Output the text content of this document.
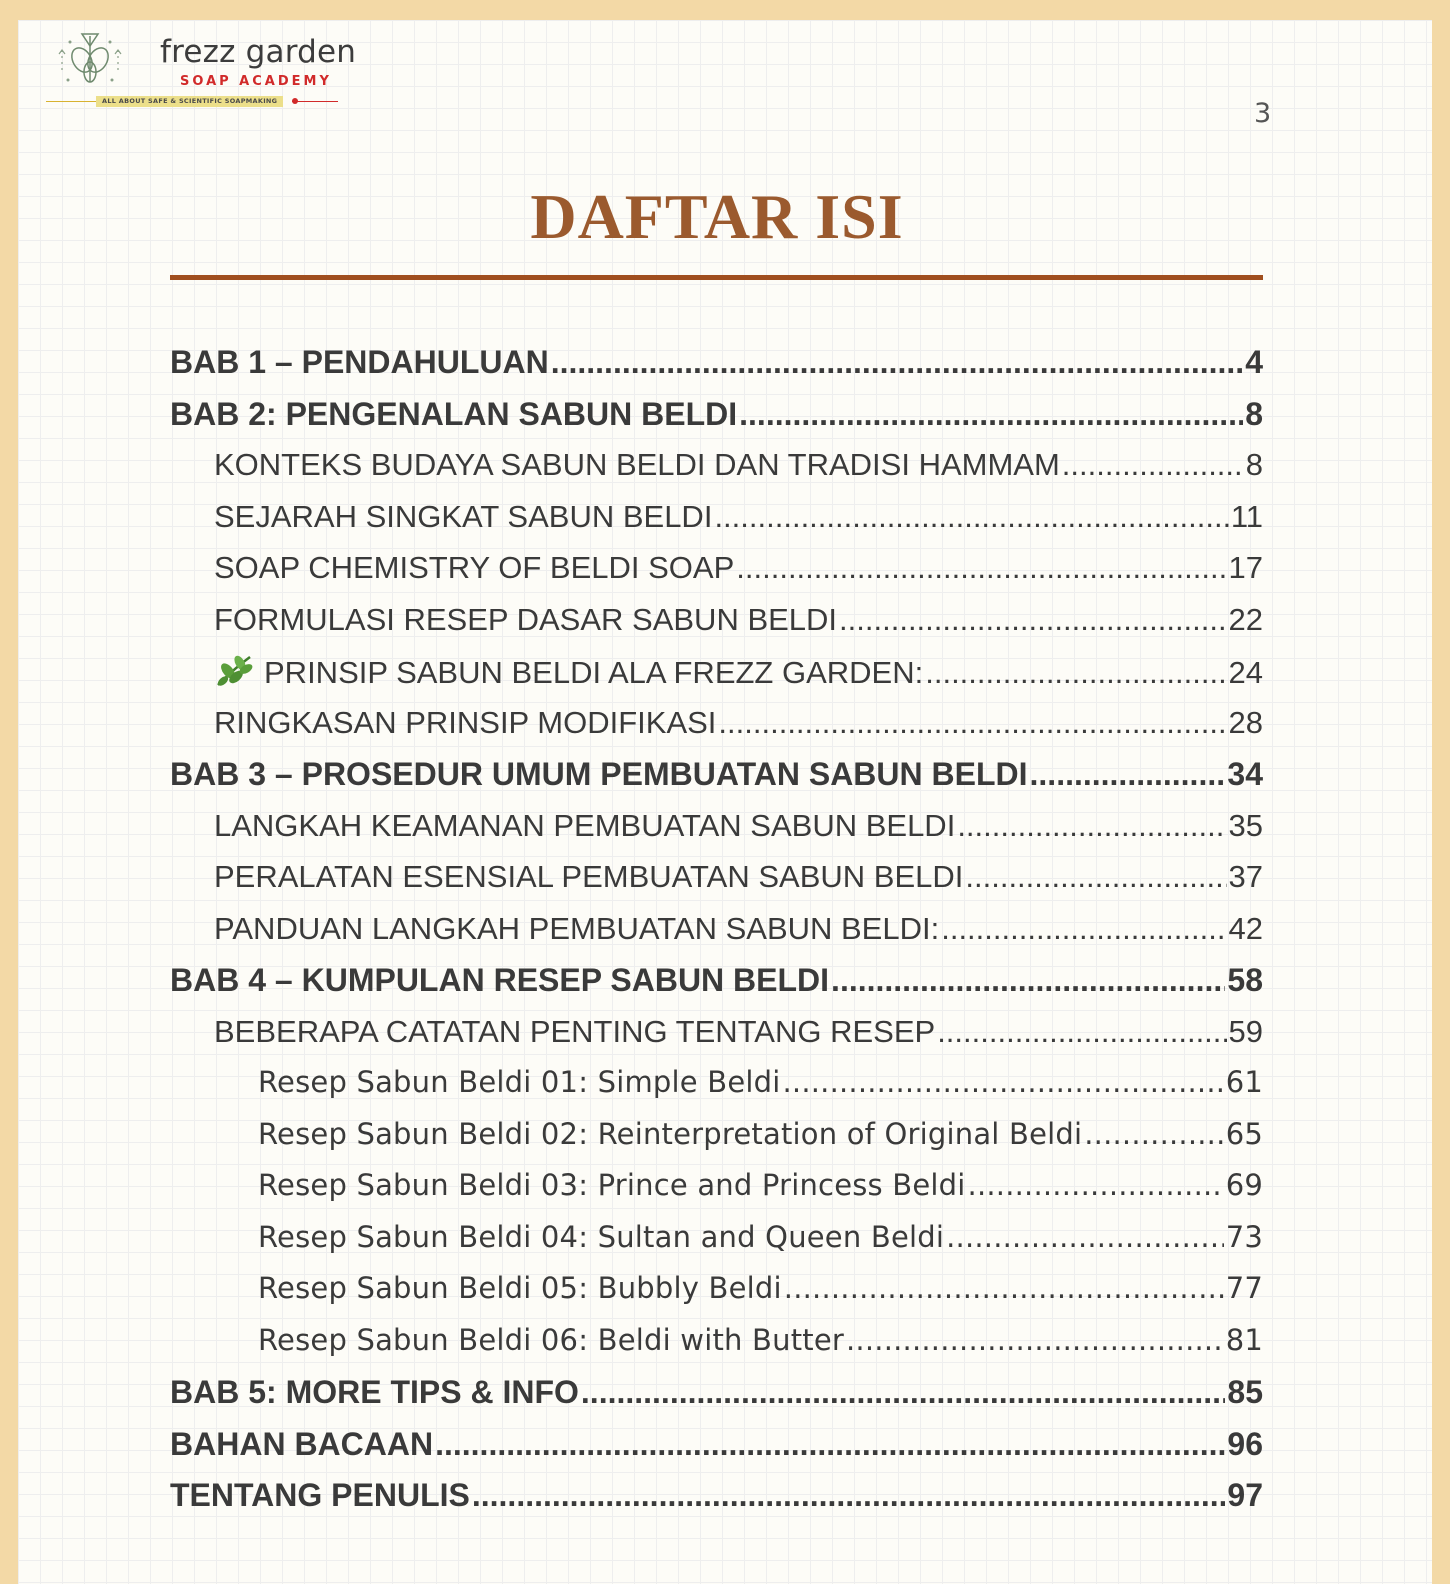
frezz garden
SOAP ACADEMY
ALL ABOUT SAFE & SCIENTIFIC SOAPMAKING	3
DAFTAR ISI
BAB 1 – PENDAHULUAN .....	4
BAB 2: PENGENALAN SABUN BELDI .....	8
KONTEKS BUDAYA SABUN BELDI DAN TRADISI HAMMAM .....	8
SEJARAH SINGKAT SABUN BELDI .....	11
SOAP CHEMISTRY OF BELDI SOAP .....	17
FORMULASI RESEP DASAR SABUN BELDI .....	22
PRINSIP SABUN BELDI ALA FREZZ GARDEN: .....	24
RINGKASAN PRINSIP MODIFIKASI .....	28
BAB 3 – PROSEDUR UMUM PEMBUATAN SABUN BELDI .....	34
LANGKAH KEAMANAN PEMBUATAN SABUN BELDI .....	35
PERALATAN ESENSIAL PEMBUATAN SABUN BELDI .....	37
PANDUAN LANGKAH PEMBUATAN SABUN BELDI: .....	42
BAB 4 – KUMPULAN RESEP SABUN BELDI .....	58
BEBERAPA CATATAN PENTING TENTANG RESEP .....	59
Resep Sabun Beldi 01: Simple Beldi .....	61
Resep Sabun Beldi 02: Reinterpretation of Original Beldi .....	65
Resep Sabun Beldi 03: Prince and Princess Beldi .....	69
Resep Sabun Beldi 04: Sultan and Queen Beldi .....	73
Resep Sabun Beldi 05: Bubbly Beldi .....	77
Resep Sabun Beldi 06: Beldi with Butter .....	81
BAB 5: MORE TIPS & INFO .....	85
BAHAN BACAAN .....	96
TENTANG PENULIS .....	97
